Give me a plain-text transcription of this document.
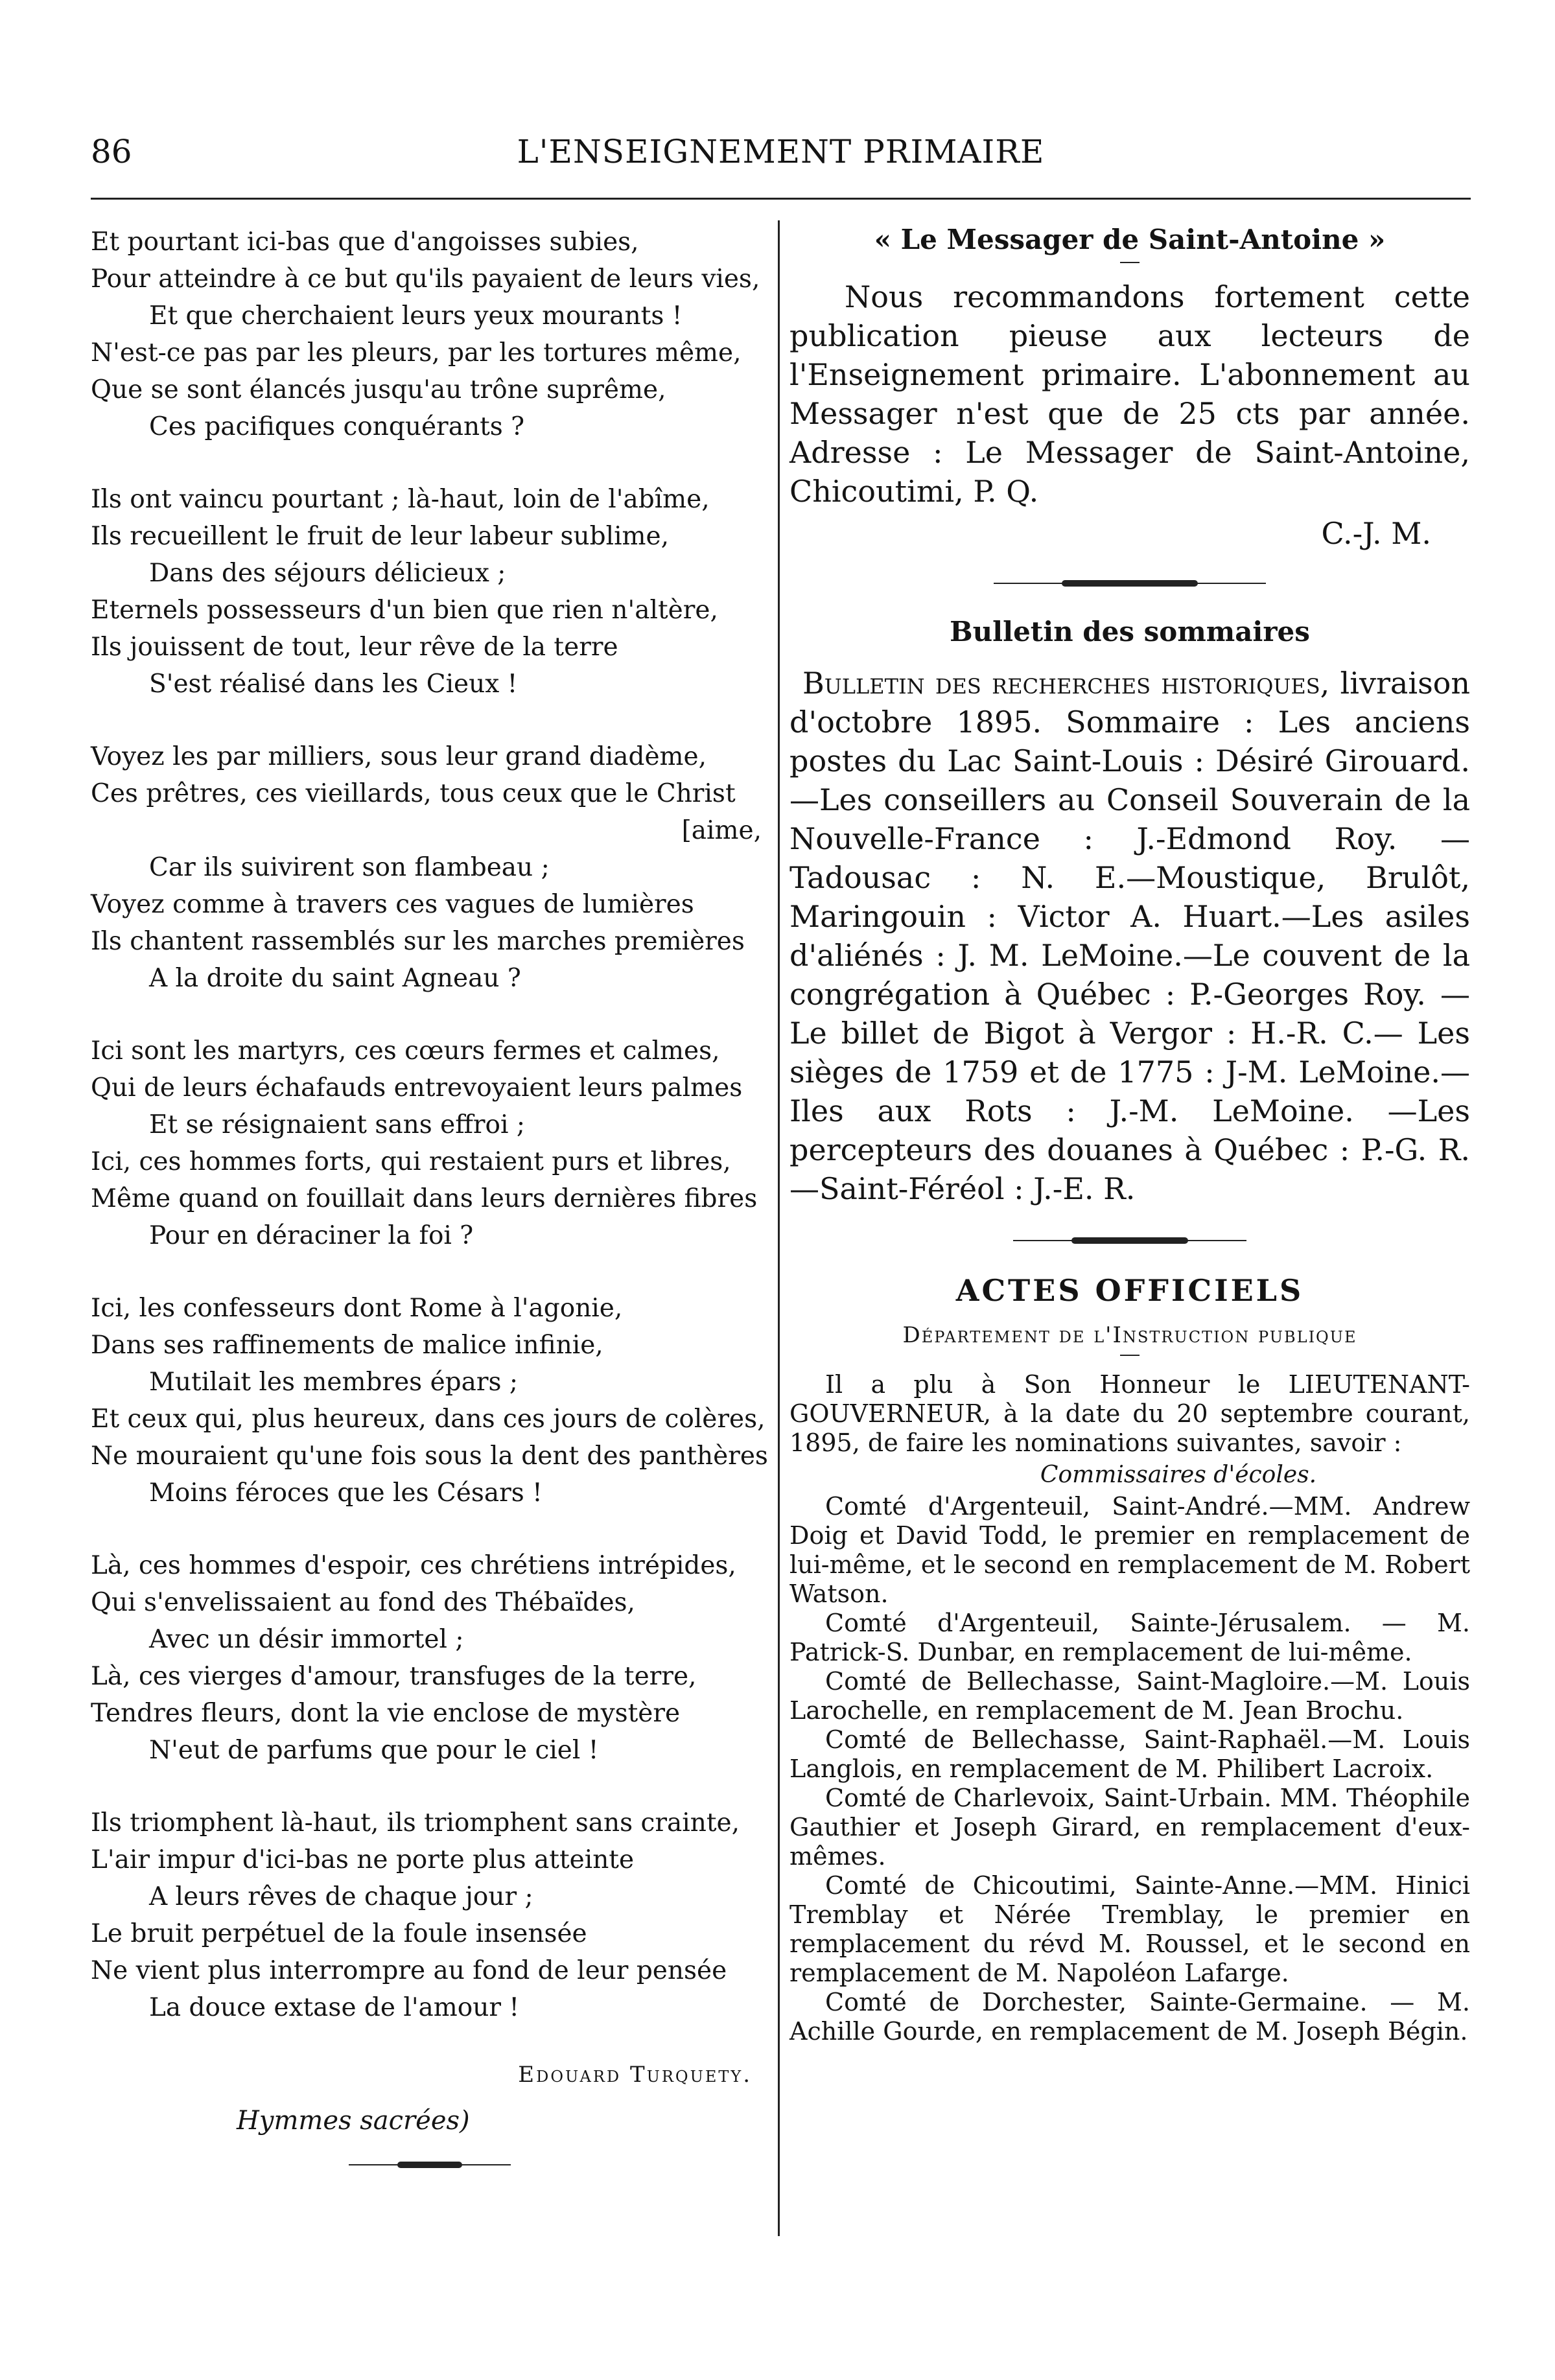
86	L'ENSEIGNEMENT PRIMAIRE
Et pourtant ici-bas que d'angoisses subies,
Pour atteindre à ce but qu'ils payaient de leurs vies,
Et que cherchaient leurs yeux mourants !
N'est-ce pas par les pleurs, par les tortures même,
Que se sont élancés jusqu'au trône suprême,
Ces pacifiques conquérants ?
Ils ont vaincu pourtant ; là-haut, loin de l'abîme,
Ils recueillent le fruit de leur labeur sublime,
Dans des séjours délicieux ;
Eternels possesseurs d'un bien que rien n'altère,
Ils jouissent de tout, leur rêve de la terre
S'est réalisé dans les Cieux !
Voyez les par milliers, sous leur grand diadème,
Ces prêtres, ces vieillards, tous ceux que le Christ
[aime,
Car ils suivirent son flambeau ;
Voyez comme à travers ces vagues de lumières
Ils chantent rassemblés sur les marches premières
A la droite du saint Agneau ?
Ici sont les martyrs, ces cœurs fermes et calmes,
Qui de leurs échafauds entrevoyaient leurs palmes
Et se résignaient sans effroi ;
Ici, ces hommes forts, qui restaient purs et libres,
Même quand on fouillait dans leurs dernières fibres
Pour en déraciner la foi ?
Ici, les confesseurs dont Rome à l'agonie,
Dans ses raffinements de malice infinie,
Mutilait les membres épars ;
Et ceux qui, plus heureux, dans ces jours de colères,
Ne mouraient qu'une fois sous la dent des panthères
Moins féroces que les Césars !
Là, ces hommes d'espoir, ces chrétiens intrépides,
Qui s'envelissaient au fond des Thébaïdes,
Avec un désir immortel ;
Là, ces vierges d'amour, transfuges de la terre,
Tendres fleurs, dont la vie enclose de mystère
N'eut de parfums que pour le ciel !
Ils triomphent là-haut, ils triomphent sans crainte,
L'air impur d'ici-bas ne porte plus atteinte
A leurs rêves de chaque jour ;
Le bruit perpétuel de la foule insensée
Ne vient plus interrompre au fond de leur pensée
La douce extase de l'amour !
Edouard Turquety.
Hymmes sacrées)
« Le Messager de Saint-Antoine »

Nous recommandons fortement cette publication pieuse aux lecteurs de l'Enseignement primaire. L'abonnement au Messager n'est que de 25 cts par année. Adresse : Le Messager de Saint-Antoine, Chicoutimi, P. Q.

C.-J. M.
Bulletin des sommaires

Bulletin des recherches historiques, livraison d'octobre 1895. Sommaire : Les anciens postes du Lac Saint-Louis : Désiré Girouard.—Les conseillers au Conseil Souverain de la Nouvelle-France : J.-Edmond Roy. —Tadousac : N. E.—Moustique, Brulôt, Maringouin : Victor A. Huart.—Les asiles d'aliénés : J. M. LeMoine.—Le couvent de la congrégation à Québec : P.-Georges Roy. —Le billet de Bigot à Vergor : H.-R. C.— Les sièges de 1759 et de 1775 : J-M. LeMoine.—Iles aux Rots : J.-M. LeMoine. —Les percepteurs des douanes à Québec : P.-G. R.—Saint-Féréol : J.-E. R.

ACTES OFFICIELS
Département de l'Instruction publique

Il a plu à Son Honneur le LIEUTENANT-GOUVERNEUR, à la date du 20 septembre courant, 1895, de faire les nominations suivantes, savoir :

Commissaires d'écoles.

Comté d'Argenteuil, Saint-André.—MM. Andrew Doig et David Todd, le premier en remplacement de lui-même, et le second en remplacement de M. Robert Watson.

Comté d'Argenteuil, Sainte-Jérusalem. — M. Patrick-S. Dunbar, en remplacement de lui-même.

Comté de Bellechasse, Saint-Magloire.—M. Louis Larochelle, en remplacement de M. Jean Brochu.

Comté de Bellechasse, Saint-Raphaël.—M. Louis Langlois, en remplacement de M. Philibert Lacroix.

Comté de Charlevoix, Saint-Urbain. MM. Théophile Gauthier et Joseph Girard, en remplacement d'eux-mêmes.

Comté de Chicoutimi, Sainte-Anne.—MM. Hinici Tremblay et Nérée Tremblay, le premier en remplacement du révd M. Roussel, et le second en remplacement de M. Napoléon Lafarge.

Comté de Dorchester, Sainte-Germaine. — M. Achille Gourde, en remplacement de M. Joseph Bégin.
